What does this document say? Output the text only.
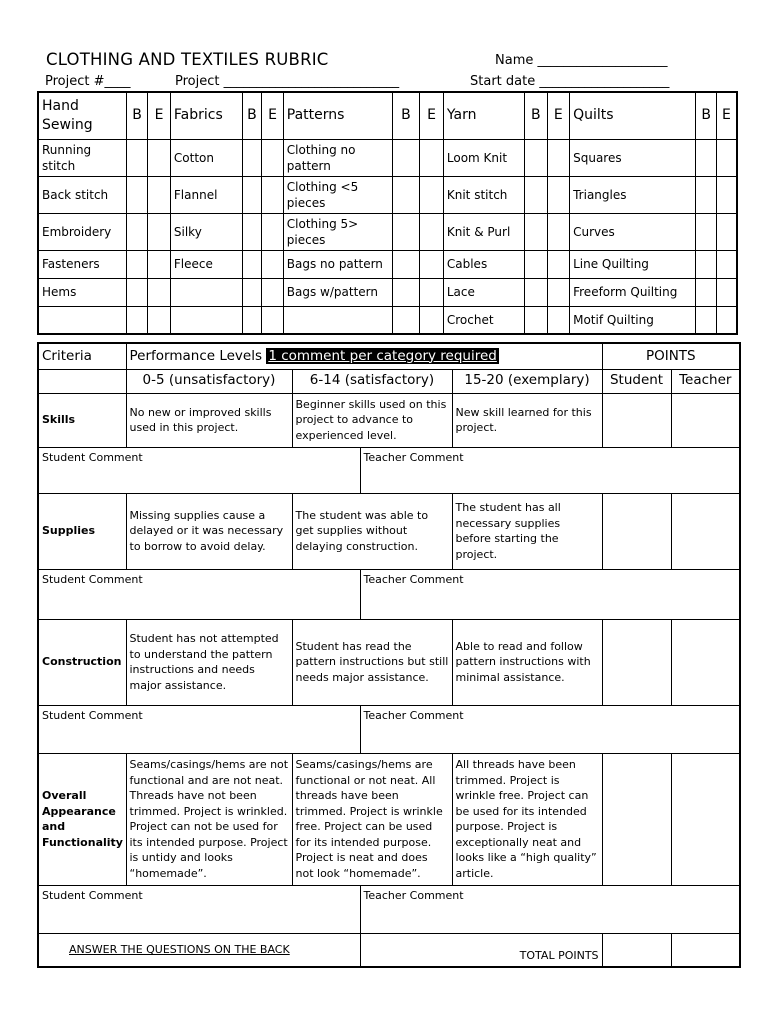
CLOTHING AND TEXTILES RUBRIC	Name ____________________
Project #____	Project ___________________________	Start date ____________________
Hand Sewing	B	E	Fabrics	B	E	Patterns	B	E	Yarn	B	E	Quilts	B	E
Running stitch			Cotton			Clothing no pattern			Loom Knit			Squares		
Back stitch			Flannel			Clothing <5 pieces			Knit stitch			Triangles		
Embroidery			Silky			Clothing 5> pieces			Knit & Purl			Curves		
Fasteners			Fleece			Bags no pattern			Cables			Line Quilting		
Hems						Bags w/pattern			Lace			Freeform Quilting		
									Crochet			Motif Quilting		
Criteria	Performance Levels 1 comment per category required				POINTS	
	0-5 (unsatisfactory)	6-14 (satisfactory)		15-20 (exemplary)	Student	Teacher
Skills	No new or improved skills used in this project.	Beginner skills used on this project to advance to experienced level.		New skill learned for this project.		
Student Comment			Teacher Comment			
Supplies	Missing supplies cause a delayed or it was necessary to borrow to avoid delay.	The student was able to get supplies without delaying construction.		The student has all necessary supplies before starting the project.		
Student Comment			Teacher Comment			
Construction	Student has not attempted to understand the pattern instructions and needs major assistance.	Student has read the pattern instructions but still needs major assistance.		Able to read and follow pattern instructions with minimal assistance.		
Student Comment			Teacher Comment			
Overall Appearance and Functionality	Seams/casings/hems are not functional and are not neat. Threads have not been trimmed. Project is wrinkled. Project can not be used for its intended purpose. Project is untidy and looks “homemade”.	Seams/casings/hems are functional or not neat. All threads have been trimmed. Project is wrinkle free. Project can be used for its intended purpose. Project is neat and does not look “homemade”.		All threads have been trimmed. Project is wrinkle free. Project can be used for its intended purpose. Project is exceptionally neat and looks like a “high quality” article.		
Student Comment			Teacher Comment			
ANSWER THE QUESTIONS ON THE BACK			TOTAL POINTS			
